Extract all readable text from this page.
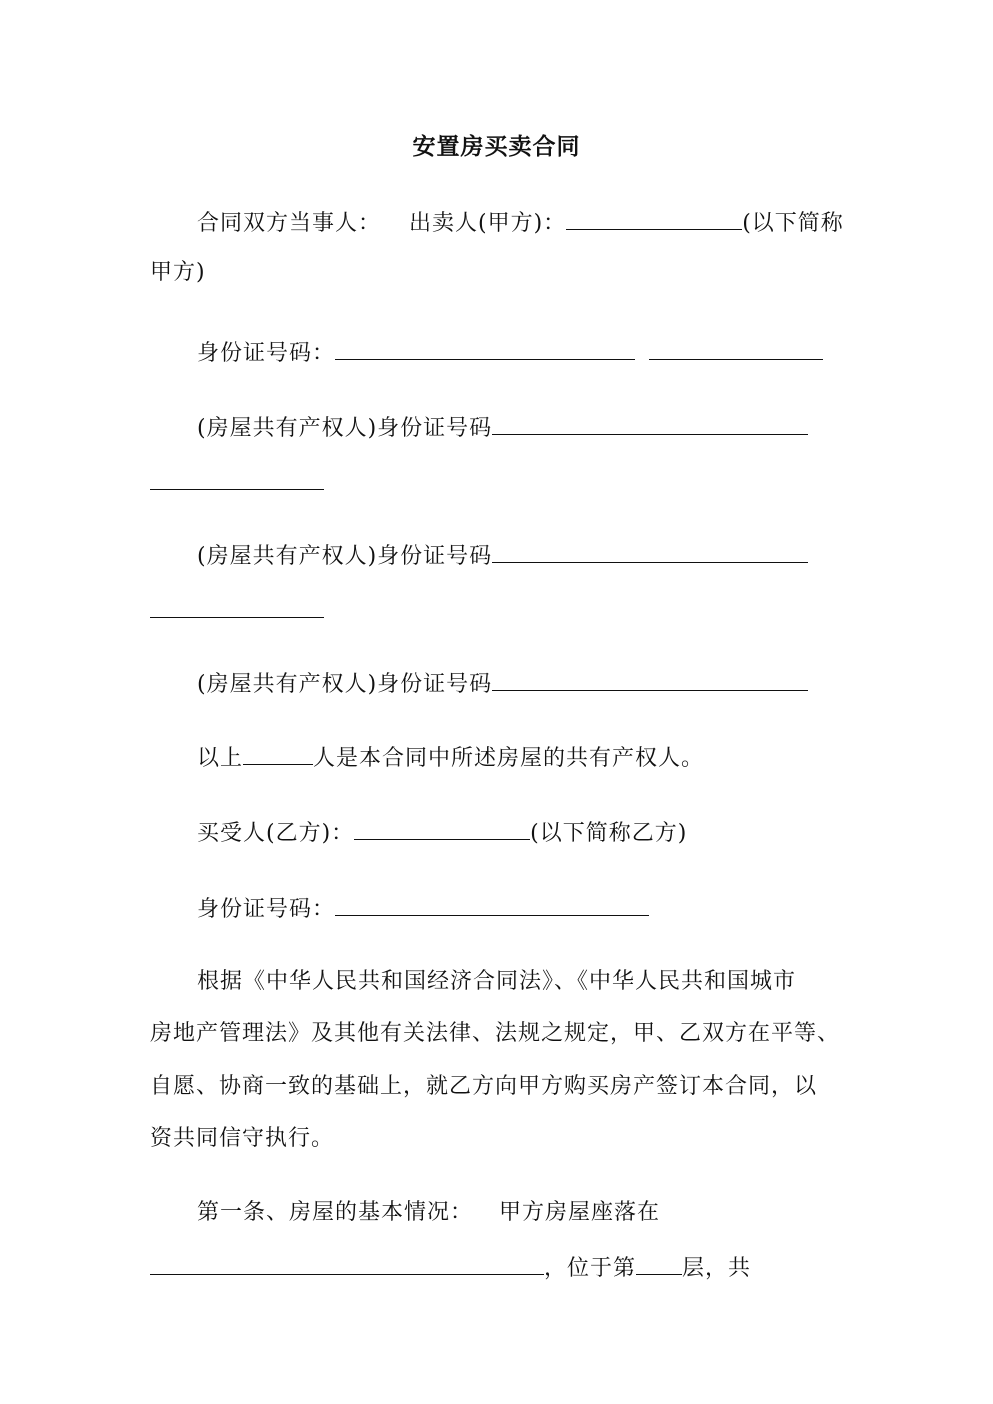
安置房买卖合同
合同双方当事人： 出卖人(甲方)：	(以下简称
甲方)
身份证号码：
(房屋共有产权人)身份证号码
(房屋共有产权人)身份证号码
(房屋共有产权人)身份证号码
以上	人是本合同中所述房屋的共有产权人。
买受人(乙方)：	(以下简称乙方)
身份证号码：
根据《中华人民共和国经济合同法》、《中华人民共和国城市
房地产管理法》及其他有关法律、法规之规定，甲、乙双方在平等、
自愿、协商一致的基础上，就乙方向甲方购买房产签订本合同，以
资共同信守执行。
第一条、房屋的基本情况： 甲方房屋座落在
，位于第 层，共
